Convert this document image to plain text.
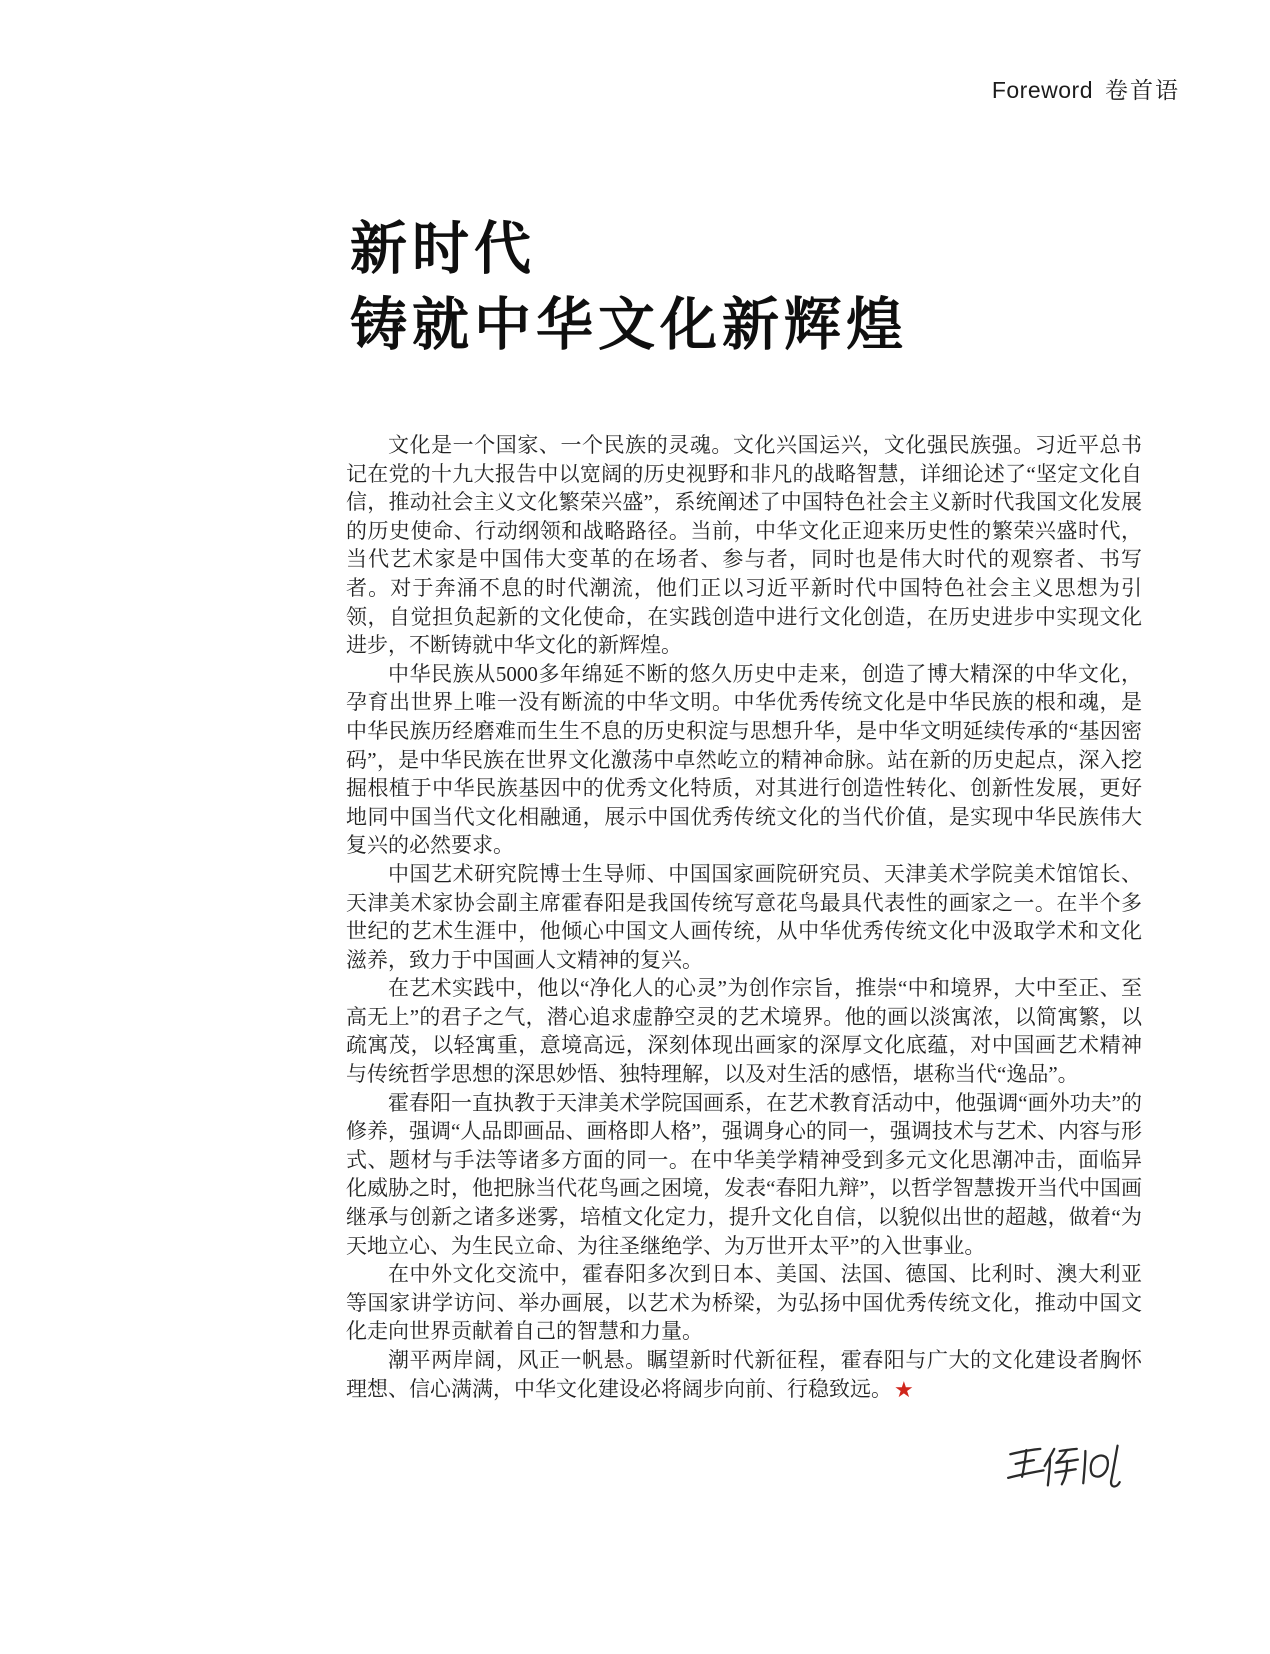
Foreword 卷首语
新时代
铸就中华文化新辉煌

文化是一个国家、一个民族的灵魂。文化兴国运兴，文化强民族强。习近平总书记在党的十九大报告中以宽阔的历史视野和非凡的战略智慧，详细论述了“坚定文化自信，推动社会主义文化繁荣兴盛”，系统阐述了中国特色社会主义新时代我国文化发展的历史使命、行动纲领和战略路径。当前，中华文化正迎来历史性的繁荣兴盛时代，当代艺术家是中国伟大变革的在场者、参与者，同时也是伟大时代的观察者、书写者。对于奔涌不息的时代潮流，他们正以习近平新时代中国特色社会主义思想为引领，自觉担负起新的文化使命，在实践创造中进行文化创造，在历史进步中实现文化进步，不断铸就中华文化的新辉煌。

中华民族从5000多年绵延不断的悠久历史中走来，创造了博大精深的中华文化，孕育出世界上唯一没有断流的中华文明。中华优秀传统文化是中华民族的根和魂，是中华民族历经磨难而生生不息的历史积淀与思想升华，是中华文明延续传承的“基因密码”，是中华民族在世界文化激荡中卓然屹立的精神命脉。站在新的历史起点，深入挖掘根植于中华民族基因中的优秀文化特质，对其进行创造性转化、创新性发展，更好地同中国当代文化相融通，展示中国优秀传统文化的当代价值，是实现中华民族伟大复兴的必然要求。

中国艺术研究院博士生导师、中国国家画院研究员、天津美术学院美术馆馆长、天津美术家协会副主席霍春阳是我国传统写意花鸟最具代表性的画家之一。在半个多世纪的艺术生涯中，他倾心中国文人画传统，从中华优秀传统文化中汲取学术和文化滋养，致力于中国画人文精神的复兴。

在艺术实践中，他以“净化人的心灵”为创作宗旨，推崇“中和境界，大中至正、至高无上”的君子之气，潜心追求虚静空灵的艺术境界。他的画以淡寓浓，以简寓繁，以疏寓茂，以轻寓重，意境高远，深刻体现出画家的深厚文化底蕴，对中国画艺术精神与传统哲学思想的深思妙悟、独特理解，以及对生活的感悟，堪称当代“逸品”。

霍春阳一直执教于天津美术学院国画系，在艺术教育活动中，他强调“画外功夫”的修养，强调“人品即画品、画格即人格”，强调身心的同一，强调技术与艺术、内容与形式、题材与手法等诸多方面的同一。在中华美学精神受到多元文化思潮冲击，面临异化威胁之时，他把脉当代花鸟画之困境，发表“春阳九辩”，以哲学智慧拨开当代中国画继承与创新之诸多迷雾，培植文化定力，提升文化自信，以貌似出世的超越，做着“为天地立心、为生民立命、为往圣继绝学、为万世开太平”的入世事业。

在中外文化交流中，霍春阳多次到日本、美国、法国、德国、比利时、澳大利亚等国家讲学访问、举办画展，以艺术为桥梁，为弘扬中国优秀传统文化，推动中国文化走向世界贡献着自己的智慧和力量。

潮平两岸阔，风正一帆悬。瞩望新时代新征程，霍春阳与广大的文化建设者胸怀理想、信心满满，中华文化建设必将阔步向前、行稳致远。★
